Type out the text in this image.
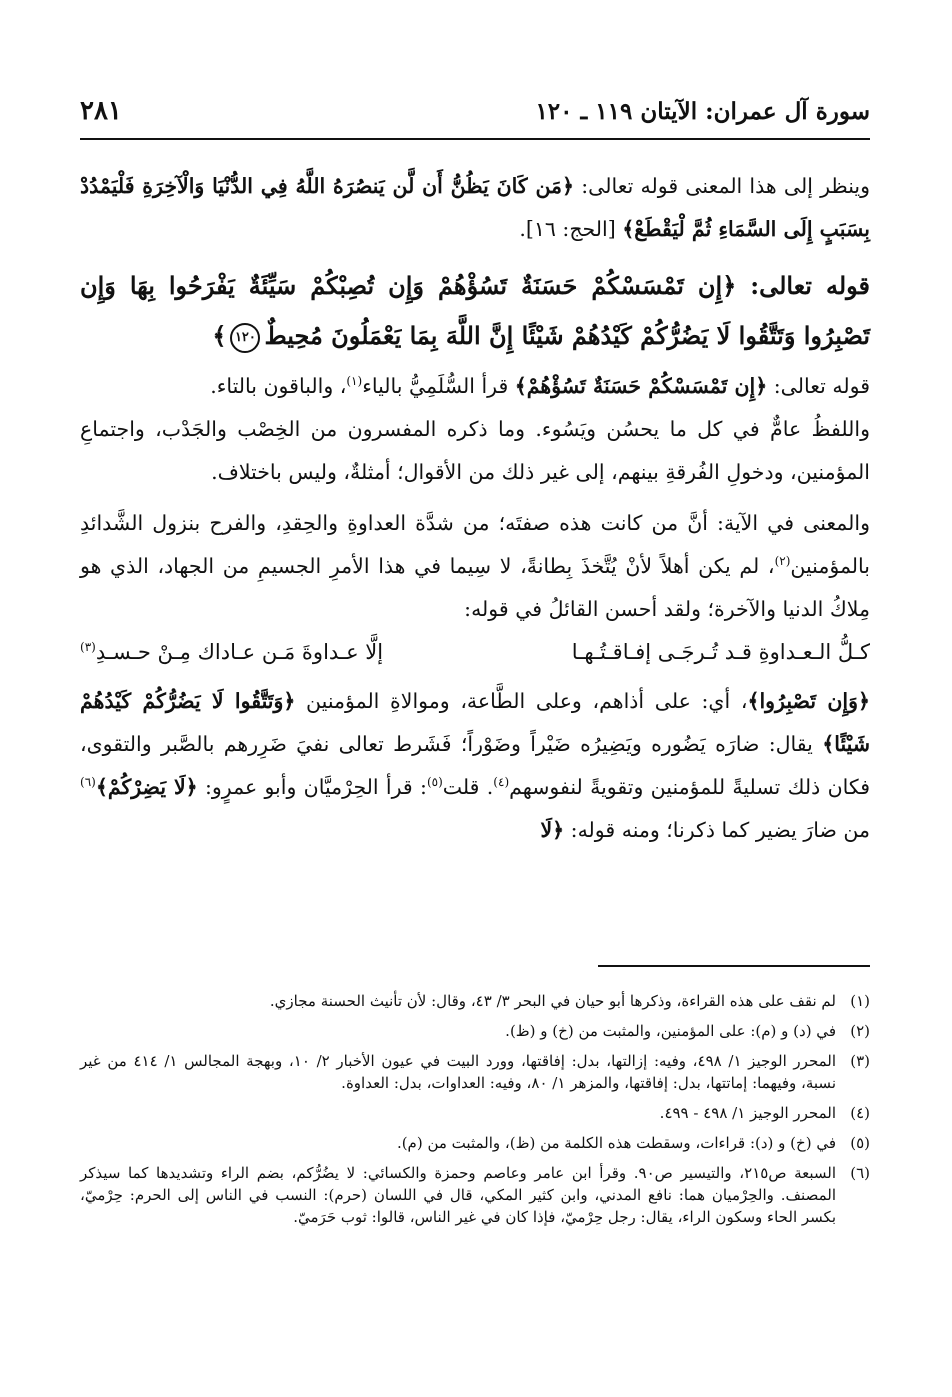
سورة آل عمران: الآيتان ١١٩ ـ ١٢٠
٢٨١

وينظر إلى هذا المعنى قوله تعالى: ﴿مَن كَانَ يَظُنُّ أَن لَّن يَنصُرَهُ اللَّهُ فِي الدُّنْيَا وَالْآخِرَةِ فَلْيَمْدُدْ بِسَبَبٍ إِلَى السَّمَاءِ ثُمَّ لْيَقْطَعْ﴾ [الحج: ١٦].

قوله تعالى: ﴿إِن تَمْسَسْكُمْ حَسَنَةٌ تَسُؤْهُمْ وَإِن تُصِبْكُمْ سَيِّئَةٌ يَفْرَحُوا بِهَا وَإِن تَصْبِرُوا وَتَتَّقُوا لَا يَضُرُّكُمْ كَيْدُهُمْ شَيْئًا إِنَّ اللَّهَ بِمَا يَعْمَلُونَ مُحِيطٌ١٢٠﴾

قوله تعالى: ﴿إِن تَمْسَسْكُمْ حَسَنَةٌ تَسُؤْهُمْ﴾ قرأ السُّلَمِيُّ بالياء$^{(١)}$، والباقون بالتاء.

واللفظُ عامٌّ في كل ما يحسُن ويَسُوء. وما ذكره المفسرون من الخِصْب والجَدْب، واجتماعِ المؤمنين، ودخولِ الفُرقةِ بينهم، إلى غير ذلك من الأقوال؛ أمثلةٌ، وليس باختلاف.

والمعنى في الآية: أنَّ من كانت هذه صفتَه؛ من شدَّة العداوةِ والحِقدِ، والفرح بنزول الشَّدائدِ بالمؤمنين$^{(٢)}$، لم يكن أهلاً لأنْ يُتَّخذَ بِطانةً، لا سِيما في هذا الأمرِ الجسيمِ من الجهاد، الذي هو مِلاكُ الدنيا والآخرة؛ ولقد أحسن القائلُ في قوله:

كـلُّ الـعـداوةِ قـد تُـرجَـى إفـاقـتُـهـا
إلَّا عـداوةَ مَـن عـاداك مِـنْ حـسـدِ(٣)

﴿وَإِن تَصْبِرُوا﴾، أي: على أذاهم، وعلى الطَّاعة، وموالاةِ المؤمنين ﴿وَتَتَّقُوا لَا يَضُرُّكُمْ كَيْدُهُمْ شَيْئًا﴾ يقال: ضارَه يَضُوره ويَضِيرُه ضَيْراً وضَوْراً؛ فَشَرط تعالى نفيَ ضَرِرهم بالصَّبر والتقوى، فكان ذلك تسليةً للمؤمنين وتقويةً لنفوسهم$^{(٤)}$. قلت$^{(٥)}$: قرأ الحِرْميَّان وأبو عمرٍو: ﴿لَا يَضِرْكُمْ﴾$^{(٦)}$ من ضارَ يضير كما ذكرنا؛ ومنه قوله: ﴿لَا

(١)
لم نقف على هذه القراءة، وذكرها أبو حيان في البحر ٣/ ٤٣، وقال: لأن تأنيث الحسنة مجازي.

(٢)
في (د) و (م): على المؤمنين، والمثبت من (خ) و (ظ).

(٣)
المحرر الوجيز ١/ ٤٩٨، وفيه: إزالتها، بدل: إفاقتها، وورد البيت في عيون الأخبار ٢/ ١٠، وبهجة المجالس ١/ ٤١٤ من غير نسبة، وفيهما: إماتتها، بدل: إفاقتها، والمزهر ١/ ٨٠، وفيه: العداوات، بدل: العداوة.

(٤)
المحرر الوجيز ١/ ٤٩٨ - ٤٩٩.

(٥)
في (خ) و (د): قراءات، وسقطت هذه الكلمة من (ظ)، والمثبت من (م).

(٦)
السبعة ص٢١٥، والتيسير ص٩٠. وقرأ ابن عامر وعاصم وحمزة والكسائي: لا يضُرُّكم، بضم الراء وتشديدها كما سيذكر المصنف. والحِرْميان هما: نافع المدني، وابن كثير المكي، قال في اللسان (حرم): النسب في الناس إلى الحرم: حِرْميّ، بكسر الحاء وسكون الراء، يقال: رجل حِرْميّ، فإذا كان في غير الناس، قالوا: ثوب حَرَميّ.
